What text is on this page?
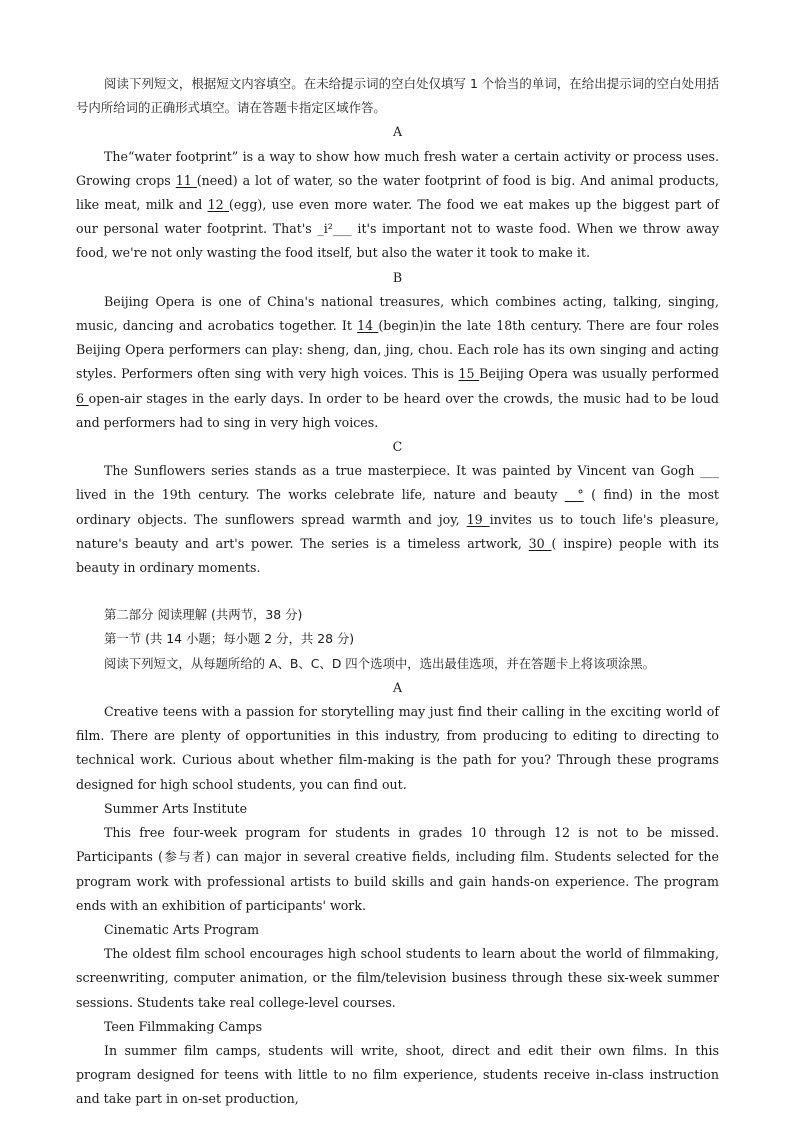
阅读下列短文，根据短文内容填空。在未给提示词的空白处仅填写 1 个恰当的单词，在给出提示词的空白处用括号内所给词的正确形式填空。请在答题卡指定区域作答。

A

The“water footprint” is a way to show how much fresh water a certain activity or process uses. Growing crops 11 (need) a lot of water, so the water footprint of food is big. And animal products, like meat, milk and 12 (egg), use even more water. The food we eat makes up the biggest part of our personal water footprint. That's _i²___ it's important not to waste food. When we throw away food, we're not only wasting the food itself, but also the water it took to make it.

B

Beijing Opera is one of China's national treasures, which combines acting, talking, singing, music, dancing and acrobatics together. It 14 (begin)in the late 18th century. There are four roles Beijing Opera performers can play: sheng, dan, jing, chou. Each role has its own singing and acting styles. Performers often sing with very high voices. This is 15 Beijing Opera was usually performed 6 open-air stages in the early days. In order to be heard over the crowds, the music had to be loud and performers had to sing in very high voices.

C

The Sunflowers series stands as a true masterpiece. It was painted by Vincent van Gogh ___ lived in the 19th century. The works celebrate life, nature and beauty __° ( find) in the most ordinary objects. The sunflowers spread warmth and joy, 19 invites us to touch life's pleasure, nature's beauty and art's power. The series is a timeless artwork, 30 ( inspire) people with its beauty in ordinary moments.

第二部分 阅读理解 (共两节，38 分)

第一节 (共 14 小题；每小题 2 分，共 28 分)

阅读下列短文，从每题所给的 A、B、C、D 四个选项中，选出最佳选项，并在答题卡上将该项涂黑。

A

Creative teens with a passion for storytelling may just find their calling in the exciting world of film. There are plenty of opportunities in this industry, from producing to editing to directing to technical work. Curious about whether film-making is the path for you? Through these programs designed for high school students, you can find out.

Summer Arts Institute

This free four-week program for students in grades 10 through 12 is not to be missed. Participants (参与者) can major in several creative fields, including film. Students selected for the program work with professional artists to build skills and gain hands-on experience. The program ends with an exhibition of participants' work.

Cinematic Arts Program

The oldest film school encourages high school students to learn about the world of filmmaking, screenwriting, computer animation, or the film/television business through these six-week summer sessions. Students take real college-level courses.

Teen Filmmaking Camps

In summer film camps, students will write, shoot, direct and edit their own films. In this program designed for teens with little to no film experience, students receive in-class instruction and take part in on-set production,
